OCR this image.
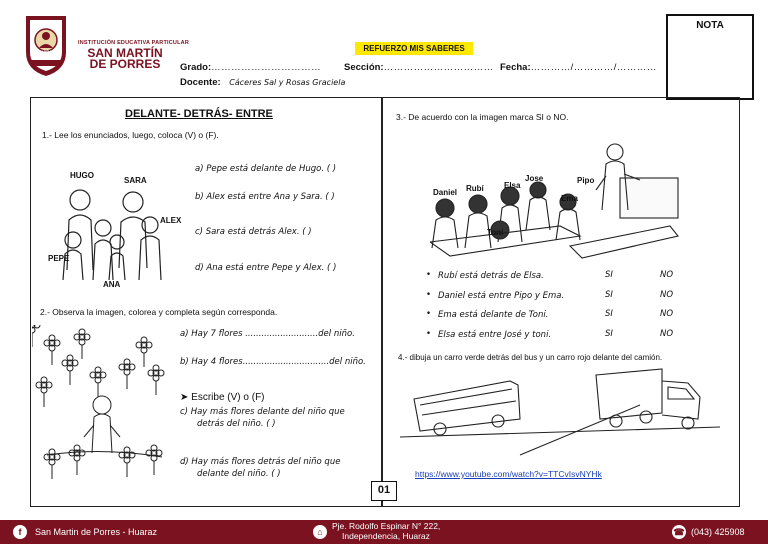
HUARAZ
INSTITUCIÓN EDUCATIVA PARTICULAR
SAN MARTÍN DE PORRES
REFUERZO MIS SABERES
Grado:…………………………… Sección:…………………………… Fecha:…………/…………/…………
Docente: Cáceres Sal y Rosas Graciela
NOTA
DELANTE- DETRÁS- ENTRE
1.- Lee los enunciados, luego, coloca (V) o (F).
HUGO
SARA
ALEX
PEPE
ANA
a) Pepe está delante de Hugo. ( )
b) Alex está entre Ana y Sara. ( )
c) Sara está detrás Alex. ( )
d) Ana está entre Pepe y Alex. ( )
2.- Observa la imagen, colorea y completa según corresponda.
a) Hay 7 flores ...........................del niño.
b) Hay 4 flores................................del niño.
➤ Escribe (V) o (F)
c) Hay más flores delante del niño que
detrás del niño. ( )
d) Hay más flores detrás del niño que
delante del niño. ( )
3.- De acuerdo con la imagen marca SI o NO.
Daniel Rubí	Elsa
Jose	Pipo
Ema
Toni
• Rubí está detrás de Elsa.	SI	NO
• Daniel está entre Pipo y Ema.	SI	NO
• Ema está delante de Toni.	SI	NO
• Elsa está entre José y toni.	SI	NO
4.- dibuja un carro verde detrás del bus y un carro rojo delante del camión.
https://www.youtube.com/watch?v=TTCvIsvNYHk
01
f	San Martin de Porres - Huaraz	⌂
Pje. Rodolfo Espinar N° 222,
Independencia, Huaraz	☎ (043) 425908
